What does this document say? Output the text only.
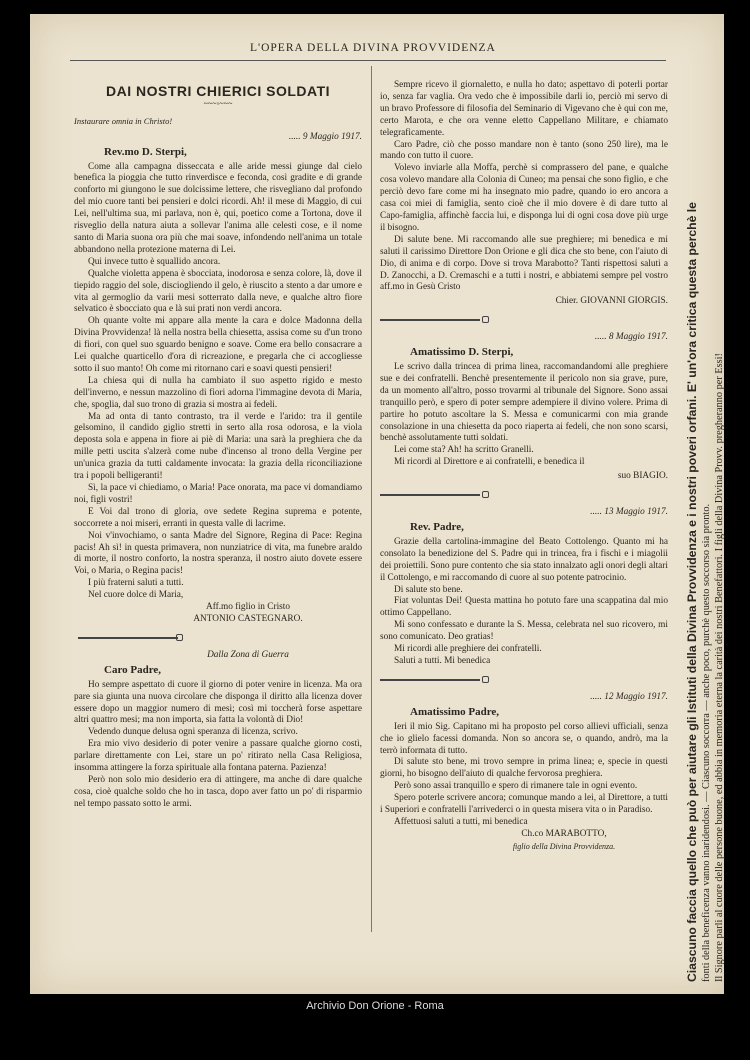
L'OPERA DELLA DIVINA PROVVIDENZA
DAI NOSTRI CHIERICI SOLDATI
~~~◦~~~
Instaurare omnia in Christo!
..... 9 Maggio 1917.
Rev.mo D. Sterpi,

Come alla campagna disseccata e alle aride messi giunge dal cielo benefica la pioggia che tutto rinverdisce e feconda, così gradite e di grande conforto mi giungono le sue dolcissime lettere, che risvegliano dal profondo del mio cuore tanti bei pensieri e dolci ricordi. Ah! il mese di Maggio, di cui Lei, nell'ultima sua, mi parlava, non è, qui, poetico come a Tortona, dove il risveglio della natura aiuta a sollevar l'anima alle celesti cose, e il nome santo di Maria suona ora più che mai soave, infondendo nell'anima un totale abbandono nella protezione materna di Lei.

Qui invece tutto è squallido ancora.

Qualche violetta appena è sbocciata, inodorosa e senza colore, là, dove il tiepido raggio del sole, disciogliendo il gelo, è riuscito a stento a dar umore e vita al germoglio da varii mesi sotterrato dalla neve, e qualche altro fiore selvatico è sbocciato qua e là sui prati non verdi ancora.

Oh quante volte mi appare alla mente la cara e dolce Madonna della Divina Provvidenza! là nella nostra bella chiesetta, assisa come su d'un trono di fiori, con quel suo sguardo benigno e soave. Come era bello consacrare a Lei qualche quarticello d'ora di ricreazione, e pregarla che ci accogliesse sotto il suo manto! Oh come mi ritornano cari e soavi questi pensieri!

La chiesa qui di nulla ha cambiato il suo aspetto rigido e mesto dell'inverno, e nessun mazzolino di fiori adorna l'immagine devota di Maria, che, spoglia, dal suo trono di grazia si mostra ai fedeli.

Ma ad onta di tanto contrasto, tra il verde e l'arido: tra il gentile gelsomino, il candido giglio stretti in serto alla rosa odorosa, e la viola deposta sola e appena in fiore ai piè di Maria: una sarà la preghiera che da mille petti uscita s'alzerà come nube d'incenso al trono della Vergine per un'unica grazia da tutti caldamente invocata: la grazia della riconciliazione tra i popoli belligeranti!

Sì, la pace vi chiediamo, o Maria! Pace onorata, ma pace vi domandiamo noi, figli vostri!

E Voi dal trono di gloria, ove sedete Regina suprema e potente, soccorrete a noi miseri, erranti in questa valle di lacrime.

Noi v'invochiamo, o santa Madre del Signore, Regina di Pace: Regina pacis! Ah sì! in questa primavera, non nunziatrice di vita, ma funebre araldo di morte, il nostro conforto, la nostra speranza, il nostro aiuto dovete essere Voi, o Maria, o Regina pacis!

I più fraterni saluti a tutti.

Nel cuore dolce di Maria,

Aff.mo figlio in Cristo
ANTONIO CASTEGNARO.
Dalla Zona di Guerra
Caro Padre,

Ho sempre aspettato di cuore il giorno di poter venire in licenza. Ma ora pare sia giunta una nuova circolare che disponga il diritto alla licenza dover essere dopo un maggior numero di mesi; così mi toccherà forse aspettare altri quattro mesi; ma non importa, sia fatta la volontà di Dio!

Vedendo dunque delusa ogni speranza di licenza, scrivo.

Era mio vivo desiderio di poter venire a passare qualche giorno costì, parlare direttamente con Lei, stare un po' ritirato nella Casa Religiosa, insomma attingere la forza spirituale alla fontana paterna. Pazienza!

Però non solo mio desiderio era di attingere, ma anche di dare qualche cosa, cioè qualche soldo che ho in tasca, dopo aver fatto un po' di risparmio nel tempo passato sotto le armi.

Sempre ricevo il giornaletto, e nulla ho dato; aspettavo di poterli portar io, senza far vaglia. Ora vedo che è impossibile darli io, perciò mi servo di un bravo Professore di filosofia del Seminario di Vigevano che è qui con me, certo Marota, e che ora venne eletto Cappellano Militare, e chiamato telegraficamente.

Caro Padre, ciò che posso mandare non è tanto (sono 250 lire), ma le mando con tutto il cuore.

Volevo inviarle alla Moffa, perchè si comprassero del pane, e qualche cosa volevo mandare alla Colonia di Cuneo; ma pensai che sono figlio, e che perciò devo fare come mi ha insegnato mio padre, quando io ero ancora a casa coi miei di famiglia, sento cioè che il mio dovere è di dare tutto al Capo-famiglia, affinchè faccia lui, e disponga lui di ogni cosa dove più urge il bisogno.

Di salute bene. Mi raccomando alle sue preghiere; mi benedica e mi saluti il carissimo Direttore Don Orione e gli dica che sto bene, con l'aiuto di Dio, di anima e di corpo. Dove si trova Marabotto? Tanti rispettosi saluti a D. Zanocchi, a D. Cremaschi e a tutti i nostri, e abbiatemi sempre pel vostro aff.mo in Gesù Cristo

Chier. GIOVANNI GIORGIS.
..... 8 Maggio 1917.
Amatissimo D. Sterpi,

Le scrivo dalla trincea di prima linea, raccomandandomi alle preghiere sue e dei confratelli. Benchè presentemente il pericolo non sia grave, pure, da un momento all'altro, posso trovarmi al tribunale del Signore. Sono assai tranquillo però, e spero di poter sempre adempiere il divino volere. Prima di partire ho potuto ascoltare la S. Messa e comunicarmi con mia grande consolazione in una chiesetta da poco riaperta ai fedeli, che non sono scarsi, benchè assolutamente tutti soldati.

Lei come sta? Ah! ha scritto Granelli.

Mi ricordi al Direttore e ai confratelli, e benedica il

suo BIAGIO.
..... 13 Maggio 1917.
Rev. Padre,

Grazie della cartolina-immagine del Beato Cottolengo. Quanto mi ha consolato la benedizione del S. Padre qui in trincea, fra i fischi e i miagolii dei proiettili. Sono pure contento che sia stato innalzato agli onori degli altari il Cottolengo, e mi raccomando di cuore al suo potente patrocinio.

Di salute sto bene.

Fiat voluntas Dei! Questa mattina ho potuto fare una scappatina dal mio ottimo Cappellano.

Mi sono confessato e durante la S. Messa, celebrata nel suo ricovero, mi sono comunicato. Deo gratias!

Mi ricordi alle preghiere dei confratelli.

Saluti a tutti. Mi benedica

..... 12 Maggio 1917.
Amatissimo Padre,

Ieri il mio Sig. Capitano mi ha proposto pel corso allievi ufficiali, senza che io glielo facessi domanda. Non so ancora se, o quando, andrò, ma la terrò informata di tutto.

Di salute sto bene, mi trovo sempre in prima linea; e, specie in questi giorni, ho bisogno dell'aiuto di qualche fervorosa preghiera.

Però sono assai tranquillo e spero di rimanere tale in ogni evento.

Spero poterle scrivere ancora; comunque mando a lei, al Direttore, a tutti i Superiori e confratelli l'arrivederci o in questa misera vita o in Paradiso.

Affettuosi saluti a tutti, mi benedica

Ch.co MARABOTTO,
figlio della Divina Provvidenza.	Ciascuno faccia quello che può per aiutare gli Istituti della Divina Provvidenza e i nostri poveri orfani. E' un'ora critica questa perchè le fonti della beneficenza vanno inaridendosi. — Ciascuno soccorra — anche poco, purchè questo soccorso sia pronto. Il Signore parli al cuore delle persone buone, ed abbia in memoria eterna la carità dei nostri Benefattori. I figli della Divina Provv. pregheranno per Essi!
Archivio Don Orione - Roma
